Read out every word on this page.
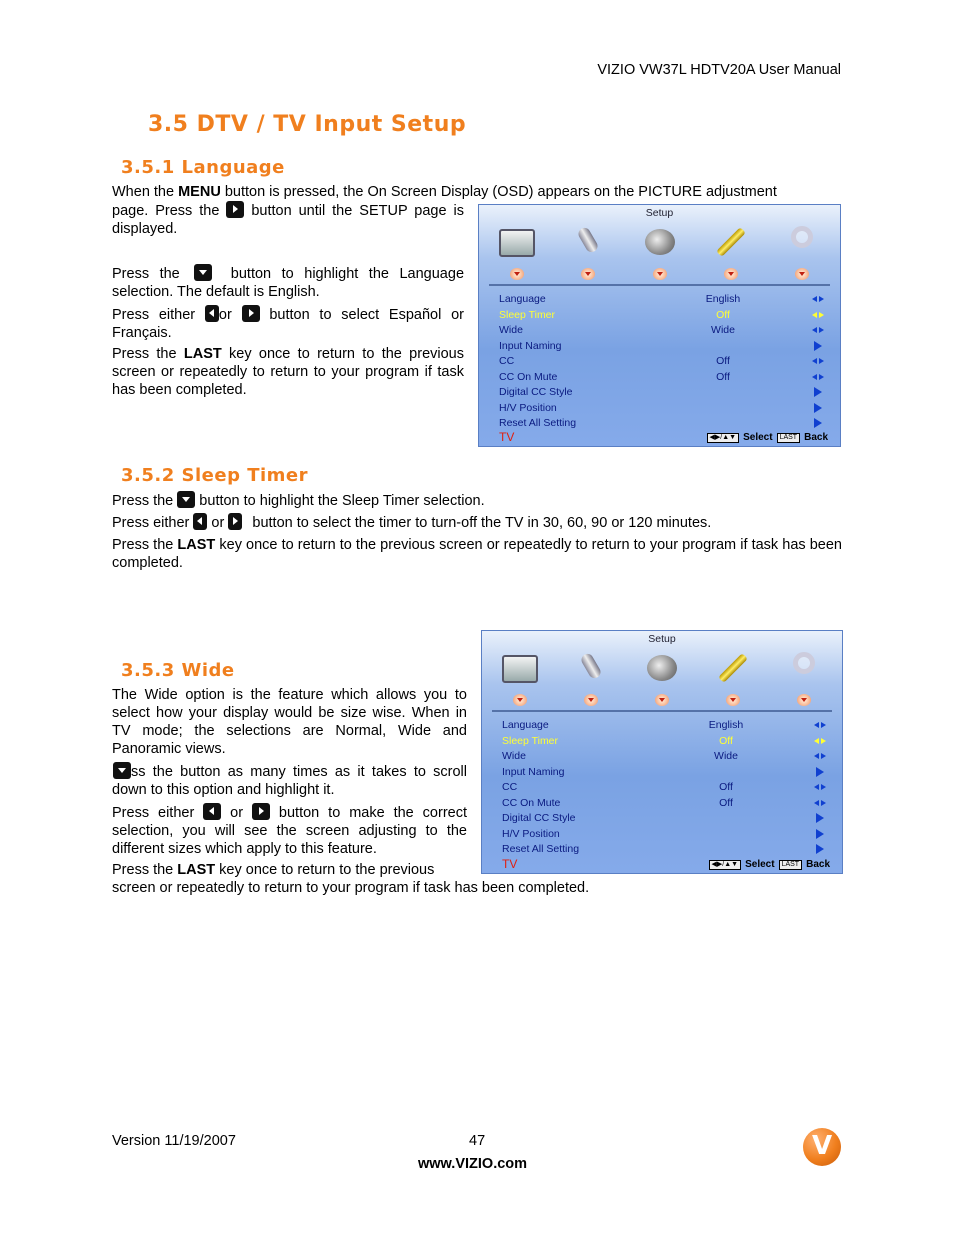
VIZIO VW37L HDTV20A User Manual
3.5 DTV / TV Input Setup
3.5.1 Language
When the MENU button is pressed, the On Screen Display (OSD) appears on the PICTURE adjustment
page. Press the  button until the SETUP page is displayed.
Press the  button to highlight the Language selection. The default is English.
Press either or  button to select Español or Français.
Press the LAST key once to return to the previous screen or repeatedly to return to your program if task has been completed.
Setup
Language	English
Sleep Timer	Off
Wide	Wide
Input Naming
CC	Off
CC On Mute	Off
Digital CC Style
H/V Position
Reset All Setting
TV	◀▶/▲▼ Select	LAST Back
3.5.2 Sleep Timer
Press the  button to highlight the Sleep Timer selection.
Press either  or  button to select the timer to turn-off the TV in 30, 60, 90 or 120 minutes.
Press the LAST key once to return to the previous screen or repeatedly to return to your program if task has been completed.
Setup
Language	English
Sleep Timer	Off
Wide	Wide
Input Naming
CC	Off
CC On Mute	Off
Digital CC Style
H/V Position
Reset All Setting
TV	◀▶/▲▼ Select	LAST Back
3.5.3 Wide
The Wide option is the feature which allows you to select how your display would be size wise. When in TV mode; the selections are Normal, Wide and Panoramic views.
ss the button as many times as it takes to scroll down to this option and highlight it.
Press either  or  button to make the correct selection, you will see the screen adjusting to the different sizes which apply to this feature.
Press the LAST key once to return to the previous
screen or repeatedly to return to your program if task has been completed.
Version 11/19/2007	47
www.VIZIO.com
V
